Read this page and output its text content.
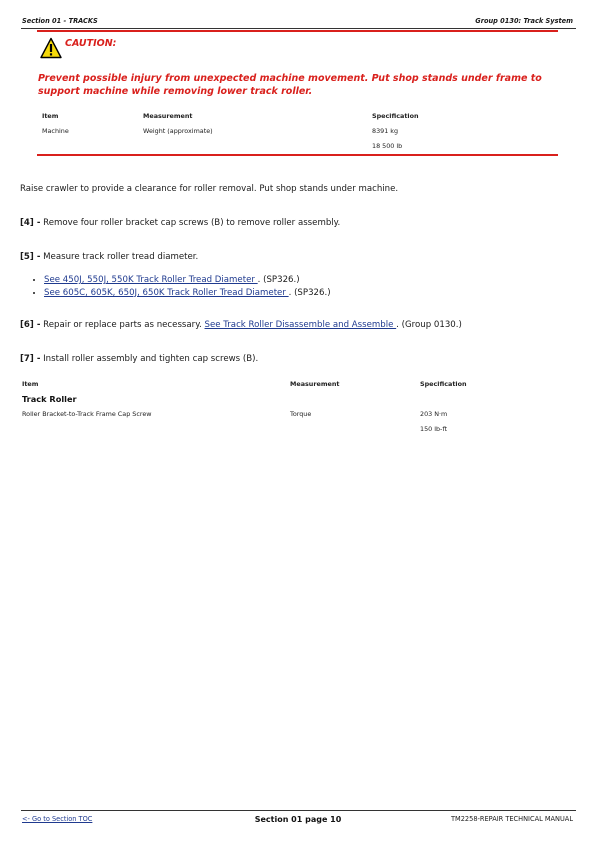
Section 01 - TRACKS	Group 0130: Track System
CAUTION:
Prevent possible injury from unexpected machine movement. Put shop stands under frame to support machine while removing lower track roller.
Item	Measurement	Specification
Machine	Weight (approximate)	8391 kg
18 500 lb
Raise crawler to provide a clearance for roller removal. Put shop stands under machine.
[4] - Remove four roller bracket cap screws (B) to remove roller assembly.
[5] - Measure track roller tread diameter.
• See 450J, 550J, 550K Track Roller Tread Diameter . (SP326.)
• See 605C, 605K, 650J, 650K Track Roller Tread Diameter . (SP326.)
[6] - Repair or replace parts as necessary. See Track Roller Disassemble and Assemble . (Group 0130.)
[7] - Install roller assembly and tighten cap screws (B).
Item	Measurement	Specification
Track Roller
Roller Bracket-to-Track Frame Cap Screw	Torque	203 N·m
150 lb-ft
<- Go to Section TOC	Section 01 page 10	TM2258-REPAIR TECHNICAL MANUAL
